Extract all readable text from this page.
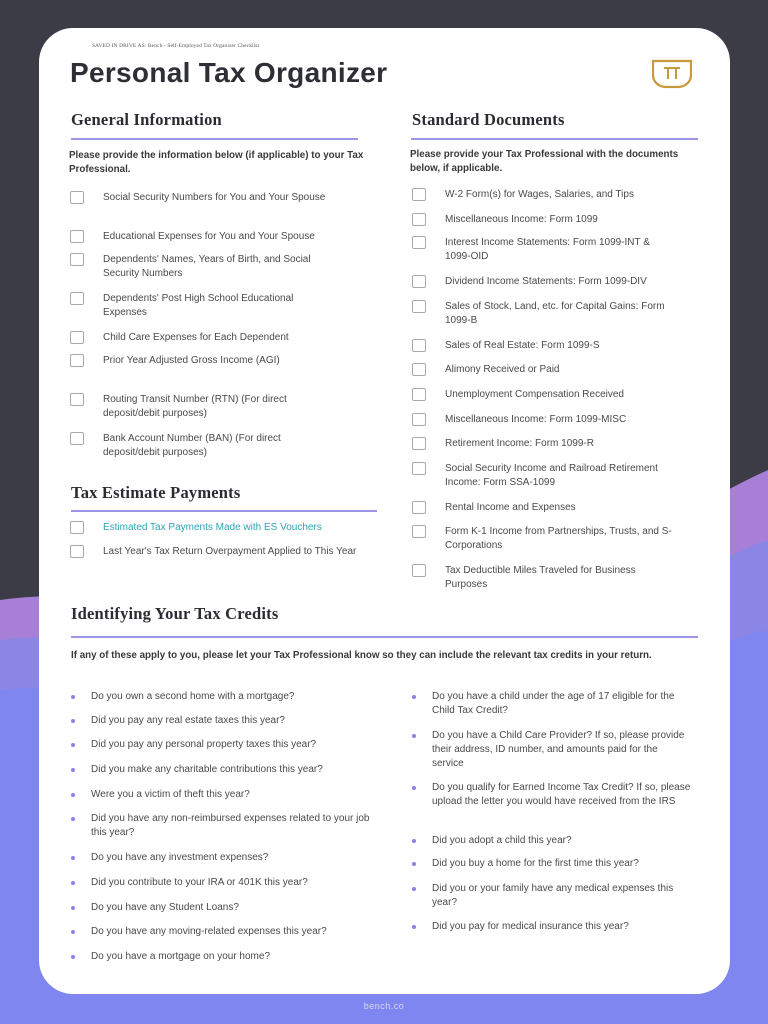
SAVED IN DRIVE AS: Bench - Self-Employed Tax Organizer Checklist
Personal Tax Organizer
General Information
Please provide the information below (if applicable) to your Tax Professional.
Social Security Numbers for You and Your Spouse
Educational Expenses for You and Your Spouse
Dependents' Names, Years of Birth, and Social Security Numbers
Dependents' Post High School Educational Expenses
Child Care Expenses for Each Dependent
Prior Year Adjusted Gross Income (AGI)
Routing Transit Number (RTN) (For direct deposit/debit purposes)
Bank Account Number (BAN) (For direct deposit/debit purposes)
Tax Estimate Payments
Estimated Tax Payments Made with ES Vouchers
Last Year's Tax Return Overpayment Applied to This Year
Standard Documents
Please provide your Tax Professional with the documents below, if applicable.
W-2 Form(s) for Wages, Salaries, and Tips
Miscellaneous Income: Form 1099
Interest Income Statements: Form 1099-INT & 1099-OID
Dividend Income Statements: Form 1099-DIV
Sales of Stock, Land, etc. for Capital Gains: Form 1099-B
Sales of Real Estate: Form 1099-S
Alimony Received or Paid
Unemployment Compensation Received
Miscellaneous Income: Form 1099-MISC
Retirement Income: Form 1099-R
Social Security Income and Railroad Retirement Income: Form SSA-1099
Rental Income and Expenses
Form K-1 Income from Partnerships, Trusts, and S-Corporations
Tax Deductible Miles Traveled for Business Purposes
Identifying Your Tax Credits
If any of these apply to you, please let your Tax Professional know so they can include the relevant tax credits in your return.
Do you own a second home with a mortgage?
Did you pay any real estate taxes this year?
Did you pay any personal property taxes this year?
Did you make any charitable contributions this year?
Were you a victim of theft this year?
Did you have any non-reimbursed expenses related to your job this year?
Do you have any investment expenses?
Did you contribute to your IRA or 401K this year?
Do you have any Student Loans?
Do you have any moving-related expenses this year?
Do you have a mortgage on your home?
Do you have a child under the age of 17 eligible for the Child Tax Credit?
Do you have a Child Care Provider? If so, please provide their address, ID number, and amounts paid for the service
Do you qualify for Earned Income Tax Credit? If so, please upload the letter you would have received from the IRS
Did you adopt a child this year?
Did you buy a home for the first time this year?
Did you or your family have any medical expenses this year?
Did you pay for medical insurance this year?
bench.co
